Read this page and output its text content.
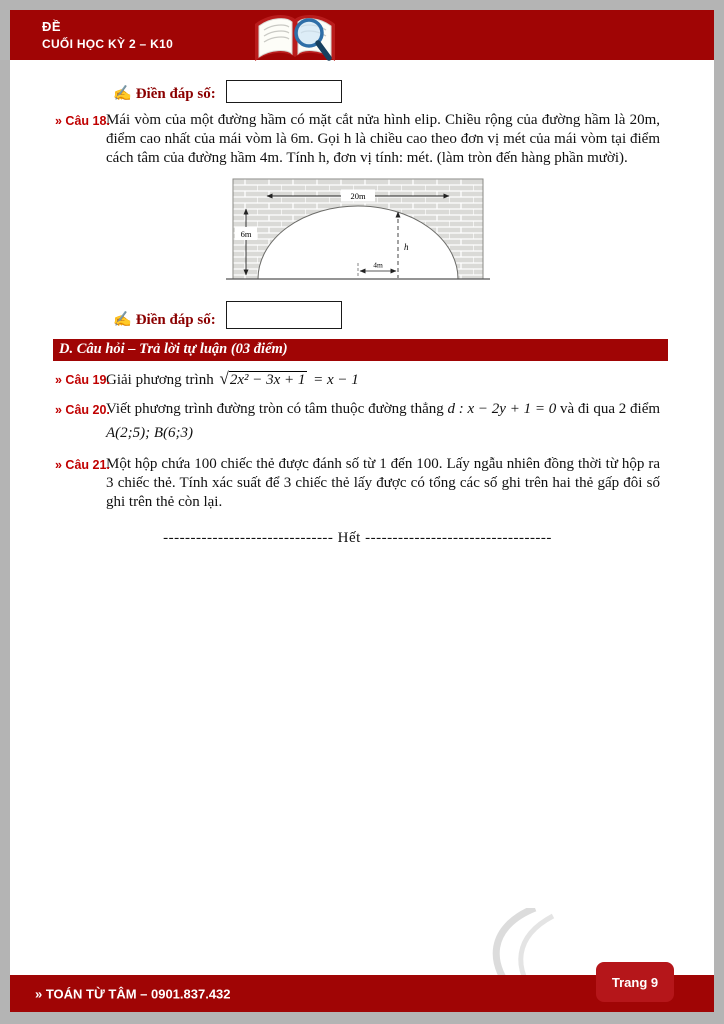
ĐỀ
CUỐI HỌC KỲ 2 – K10
✍ Điền đáp số:
» Câu 18.
Mái vòm của một đường hầm có mặt cắt nửa hình elip. Chiều rộng của đường hầm là 20m, điểm cao nhất của mái vòm là 6m. Gọi h là chiều cao theo đơn vị mét của mái vòm tại điểm cách tâm của đường hầm 4m. Tính h, đơn vị tính: mét. (làm tròn đến hàng phần mười).
20m
6m
h
4m
✍ Điền đáp số:
D. Câu hỏi – Trả lời tự luận (03 điểm)
» Câu 19.
Giải phương trình √2x² − 3x + 1 = x − 1
» Câu 20.
Viết phương trình đường tròn có tâm thuộc đường thẳng d : x − 2y + 1 = 0 và đi qua 2 điểm A(2;5); B(6;3)
» Câu 21.
Một hộp chứa 100 chiếc thẻ được đánh số từ 1 đến 100. Lấy ngẫu nhiên đồng thời từ hộp ra 3 chiếc thẻ. Tính xác suất để 3 chiếc thẻ lấy được có tổng các số ghi trên hai thẻ gấp đôi số ghi trên thẻ còn lại.
------------------------------- Hết ----------------------------------
» TOÁN TỪ TÂM – 0901.837.432
Trang 9
